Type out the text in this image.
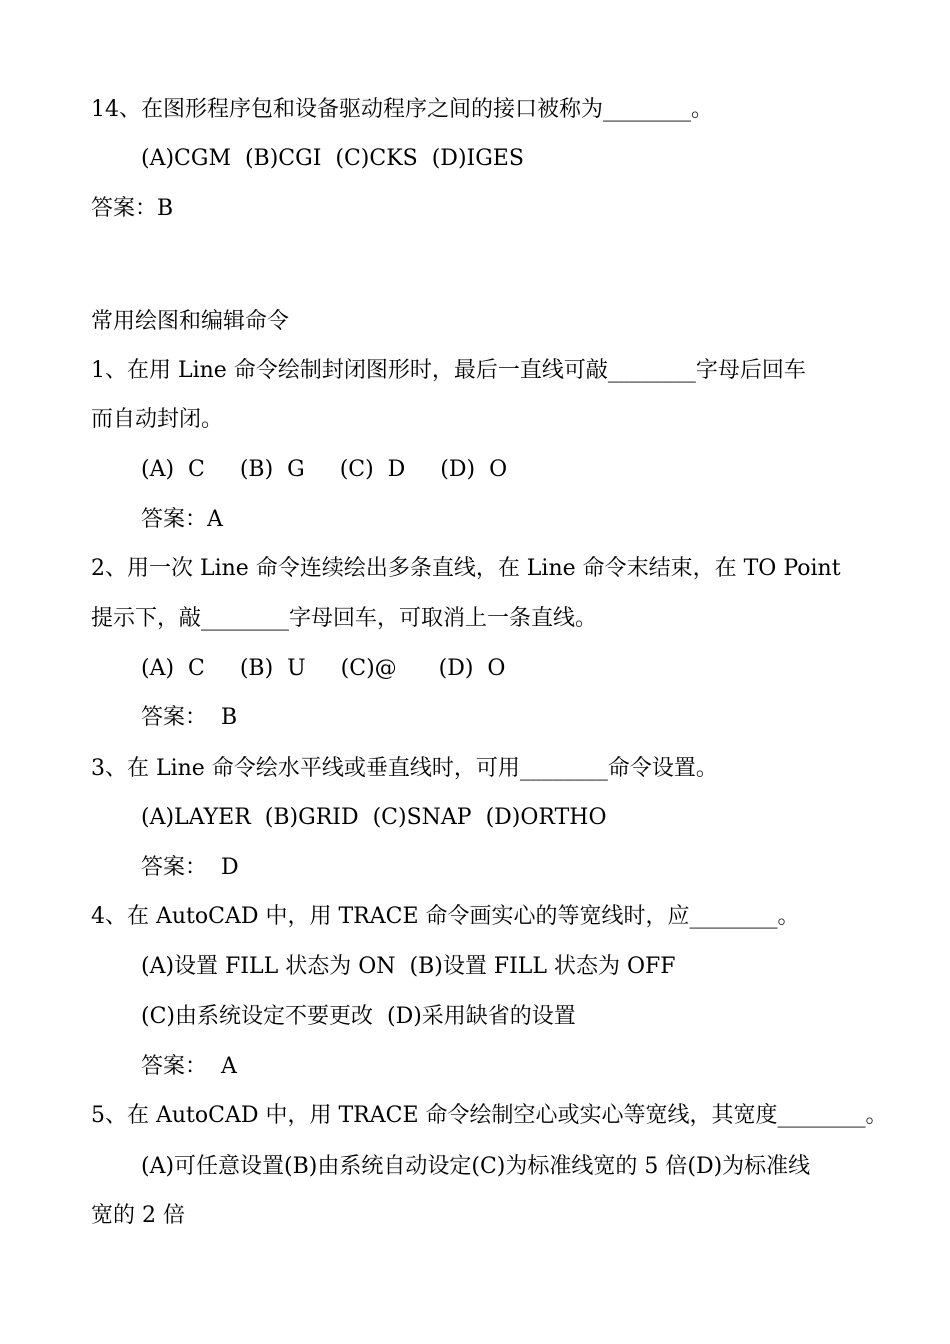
14、在图形程序包和设备驱动程序之间的接口被称为________。
(A)CGM  (B)CGI  (C)CKS  (D)IGES
答案：B
常用绘图和编辑命令
1、在用 Line 命令绘制封闭图形时，最后一直线可敲________字母后回车
而自动封闭。
(A)  C     (B)  G     (C)  D     (D)  O
答案：A
2、用一次 Line 命令连续绘出多条直线，在 Line 命令末结束，在 TO Point
提示下，敲________字母回车，可取消上一条直线。
(A)  C     (B)  U     (C)@      (D)  O
答案：  B
3、在 Line 命令绘水平线或垂直线时，可用________命令设置。
(A)LAYER  (B)GRID  (C)SNAP  (D)ORTHO
答案：  D
4、在 AutoCAD 中，用 TRACE 命令画实心的等宽线时，应________。
(A)设置 FILL 状态为 ON  (B)设置 FILL 状态为 OFF
(C)由系统设定不要更改  (D)采用缺省的设置
答案：  A
5、在 AutoCAD 中，用 TRACE 命令绘制空心或实心等宽线，其宽度________。
(A)可任意设置(B)由系统自动设定(C)为标准线宽的 5 倍(D)为标准线
宽的 2 倍
